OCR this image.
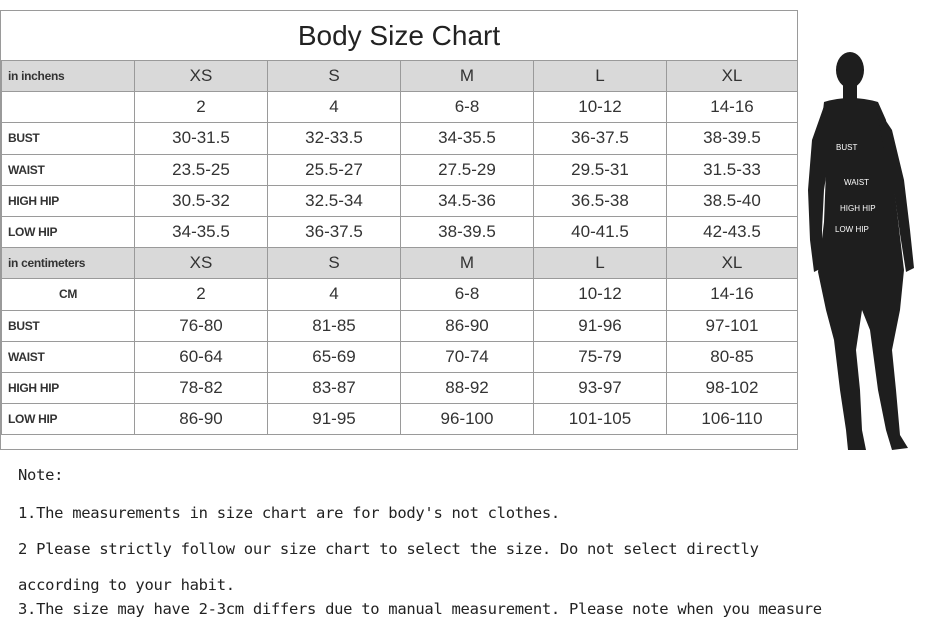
Body Size Chart
in inchens	XS	S	M	L	XL
	2	4	6-8	10-12	14-16
BUST	30-31.5	32-33.5	34-35.5	36-37.5	38-39.5
WAIST	23.5-25	25.5-27	27.5-29	29.5-31	31.5-33
HIGH HIP	30.5-32	32.5-34	34.5-36	36.5-38	38.5-40
LOW HIP	34-35.5	36-37.5	38-39.5	40-41.5	42-43.5
in centimeters	XS	S	M	L	XL
CM	2	4	6-8	10-12	14-16
BUST	76-80	81-85	86-90	91-96	97-101
WAIST	60-64	65-69	70-74	75-79	80-85
HIGH HIP	78-82	83-87	88-92	93-97	98-102
LOW HIP	86-90	91-95	96-100	101-105	106-110
BUST
WAIST
HIGH HIP
LOW HIP
Note:
1.The measurements in size chart are for body's not clothes.
2 Please strictly follow our size chart to select the size. Do not select directly
according to your habit.
3.The size may have 2-3cm differs due to manual measurement. Please note when you measure
